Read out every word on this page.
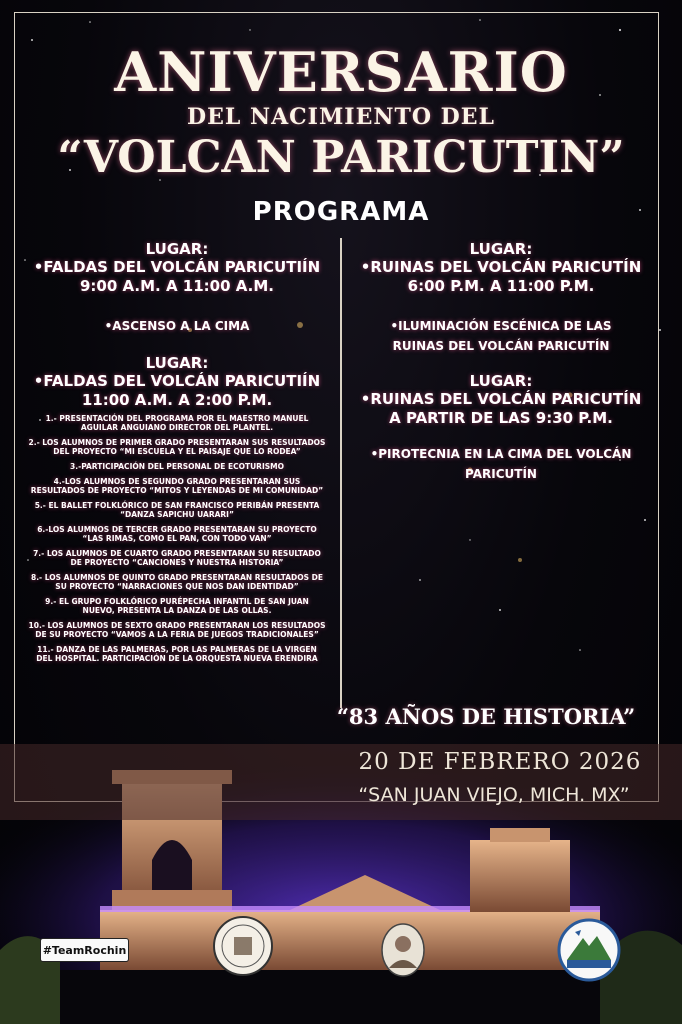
ANIVERSARIO
DEL NACIMIENTO DEL
“VOLCAN PARICUTIN”
PROGRAMA
LUGAR:
•FALDAS DEL VOLCÁN PARICUTIÍN
9:00 A.M. A 11:00 A.M.
•ASCENSO A LA CIMA
LUGAR:
•FALDAS DEL VOLCÁN PARICUTIÍN
11:00 A.M. A 2:00 P.M.
1.- PRESENTACIÓN DEL PROGRAMA POR EL MAESTRO MANUEL AGUILAR ANGUIANO DIRECTOR DEL PLANTEL.
2.- LOS ALUMNOS DE PRIMER GRADO PRESENTARAN SUS RESULTADOS DEL PROYECTO “MI ESCUELA Y EL PAISAJE QUE LO RODEA”
3.-PARTICIPACIÓN DEL PERSONAL DE ECOTURISMO
4.-LOS ALUMNOS DE SEGUNDO GRADO PRESENTARAN SUS RESULTADOS DE PROYECTO “MITOS Y LEYENDAS DE MI COMUNIDAD”
5.- EL BALLET FOLKLÓRICO DE SAN FRANCISCO PERIBÁN PRESENTA “DANZA SAPICHU UARARI”
6.-LOS ALUMNOS DE TERCER GRADO PRESENTARAN SU PROYECTO “LAS RIMAS, COMO EL PAN, CON TODO VAN”
7.- LOS ALUMNOS DE CUARTO GRADO PRESENTARAN SU RESULTADO DE PROYECTO “CANCIONES Y NUESTRA HISTORIA”
8.- LOS ALUMNOS DE QUINTO GRADO PRESENTARAN RESULTADOS DE SU PROYECTO “NARRACIONES QUE NOS DAN IDENTIDAD”
9.- EL GRUPO FOLKLÓRICO PURÉPECHA INFANTIL DE SAN JUAN NUEVO, PRESENTA LA DANZA DE LAS OLLAS.
10.- LOS ALUMNOS DE SEXTO GRADO PRESENTARAN LOS RESULTADOS DE SU PROYECTO “VAMOS A LA FERIA DE JUEGOS TRADICIONALES”
11.- DANZA DE LAS PALMERAS, POR LAS PALMERAS DE LA VIRGEN DEL HOSPITAL. PARTICIPACIÓN DE LA ORQUESTA NUEVA ERENDIRA
LUGAR:
•RUINAS DEL VOLCÁN PARICUTÍN
6:00 P.M. A 11:00 P.M.
•ILUMINACIÓN ESCÉNICA DE LAS RUINAS DEL VOLCÁN PARICUTÍN
LUGAR:
•RUINAS DEL VOLCÁN PARICUTÍN
A PARTIR DE LAS 9:30 P.M.
•PIROTECNIA EN LA CIMA DEL VOLCÁN PARICUTÍN
“83 AÑOS DE HISTORIA”
20 DE FEBRERO 2026
“SAN JUAN VIEJO, MICH. MX”
#TeamRochin
